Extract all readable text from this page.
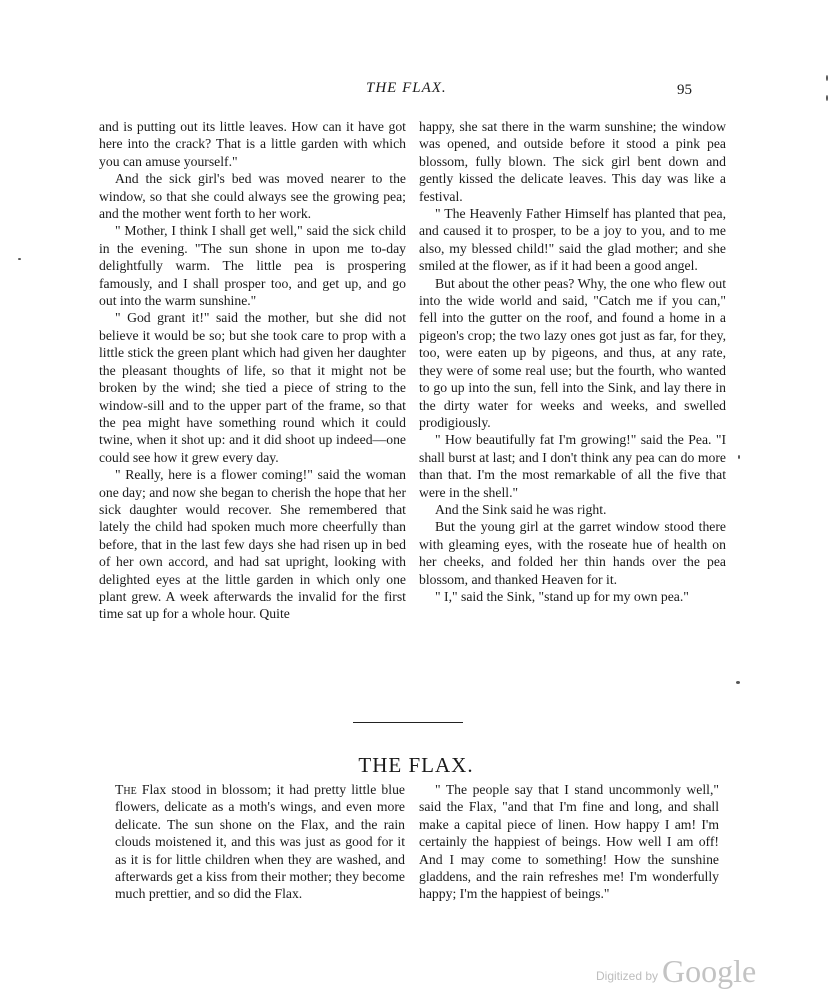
THE FLAX.	95

and is putting out its little leaves. How can it have got here into the crack? That is a little garden with which you can amuse yourself."

And the sick girl's bed was moved nearer to the window, so that she could always see the growing pea; and the mother went forth to her work.

" Mother, I think I shall get well," said the sick child in the evening. "The sun shone in upon me to-day delightfully warm. The little pea is prospering famously, and I shall prosper too, and get up, and go out into the warm sunshine."

" God grant it!" said the mother, but she did not believe it would be so; but she took care to prop with a little stick the green plant which had given her daughter the pleasant thoughts of life, so that it might not be broken by the wind; she tied a piece of string to the window-sill and to the upper part of the frame, so that the pea might have something round which it could twine, when it shot up: and it did shoot up indeed—one could see how it grew every day.

" Really, here is a flower coming!" said the woman one day; and now she began to cherish the hope that her sick daughter would recover. She remembered that lately the child had spoken much more cheerfully than before, that in the last few days she had risen up in bed of her own accord, and had sat upright, looking with delighted eyes at the little garden in which only one plant grew. A week afterwards the invalid for the first time sat up for a whole hour. Quite

happy, she sat there in the warm sunshine; the window was opened, and outside before it stood a pink pea blossom, fully blown. The sick girl bent down and gently kissed the delicate leaves. This day was like a festival.

" The Heavenly Father Himself has planted that pea, and caused it to prosper, to be a joy to you, and to me also, my blessed child!" said the glad mother; and she smiled at the flower, as if it had been a good angel.

But about the other peas? Why, the one who flew out into the wide world and said, "Catch me if you can," fell into the gutter on the roof, and found a home in a pigeon's crop; the two lazy ones got just as far, for they, too, were eaten up by pigeons, and thus, at any rate, they were of some real use; but the fourth, who wanted to go up into the sun, fell into the Sink, and lay there in the dirty water for weeks and weeks, and swelled prodigiously.

" How beautifully fat I'm growing!" said the Pea. "I shall burst at last; and I don't think any pea can do more than that. I'm the most remarkable of all the five that were in the shell."

And the Sink said he was right.

But the young girl at the garret window stood there with gleaming eyes, with the roseate hue of health on her cheeks, and folded her thin hands over the pea blossom, and thanked Heaven for it.

" I," said the Sink, "stand up for my own pea."

THE FLAX.

The Flax stood in blossom; it had pretty little blue flowers, delicate as a moth's wings, and even more delicate. The sun shone on the Flax, and the rain clouds moistened it, and this was just as good for it as it is for little children when they are washed, and afterwards get a kiss from their mother; they become much prettier, and so did the Flax.

" The people say that I stand uncommonly well," said the Flax, "and that I'm fine and long, and shall make a capital piece of linen. How happy I am! I'm certainly the happiest of beings. How well I am off! And I may come to something! How the sunshine gladdens, and the rain refreshes me! I'm wonderfully happy; I'm the happiest of beings."

Digitized by Google
